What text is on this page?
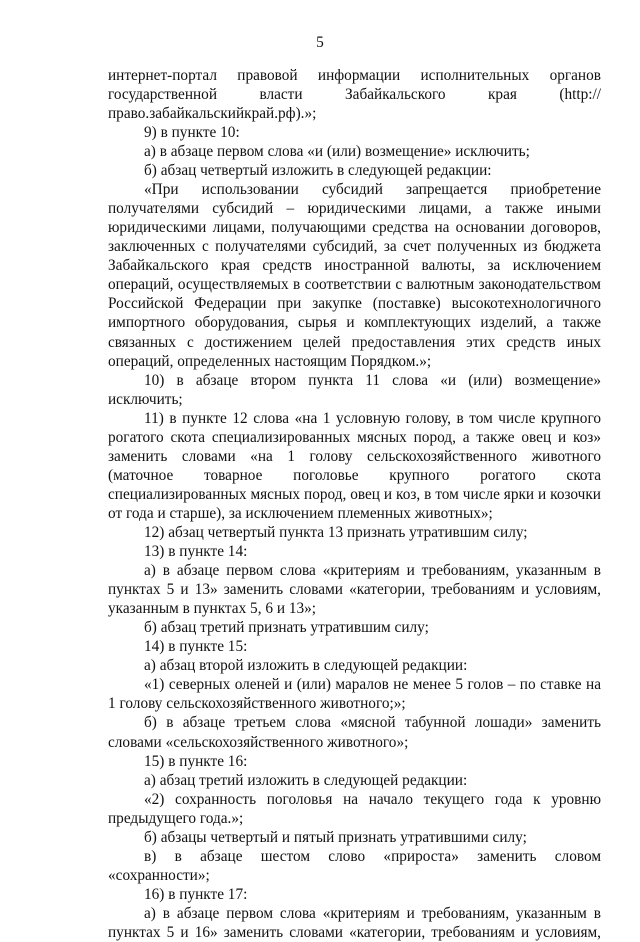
5

интернет-портал правовой информации исполнительных органов государственной власти Забайкальского края (http://право.забайкальскийкрай.рф).»;

9) в пункте 10:

а) в абзаце первом слова «и (или) возмещение» исключить;

б) абзац четвертый изложить в следующей редакции:

«При использовании субсидий запрещается приобретение получателями субсидий – юридическими лицами, а также иными юридическими лицами, получающими средства на основании договоров, заключенных с получателями субсидий, за счет полученных из бюджета Забайкальского края средств иностранной валюты, за исключением операций, осуществляемых в соответствии с валютным законодательством Российской Федерации при закупке (поставке) высокотехнологичного импортного оборудования, сырья и комплектующих изделий, а также связанных с достижением целей предоставления этих средств иных операций, определенных настоящим Порядком.»;

10) в абзаце втором пункта 11 слова «и (или) возмещение» исключить;

11) в пункте 12 слова «на 1 условную голову, в том числе крупного рогатого скота специализированных мясных пород, а также овец и коз» заменить словами «на 1 голову сельскохозяйственного животного (маточное товарное поголовье крупного рогатого скота специализированных мясных пород, овец и коз, в том числе ярки и козочки от года и старше), за исключением племенных животных»;

12) абзац четвертый пункта 13 признать утратившим силу;

13) в пункте 14:

а) в абзаце первом слова «критериям и требованиям, указанным в пунктах 5 и 13» заменить словами «категории, требованиям и условиям, указанным в пунктах 5, 6 и 13»;

б) абзац третий признать утратившим силу;

14) в пункте 15:

а) абзац второй изложить в следующей редакции:

«1) северных оленей и (или) маралов не менее 5 голов – по ставке на 1 голову сельскохозяйственного животного;»;

б) в абзаце третьем слова «мясной табунной лошади» заменить словами «сельскохозяйственного животного»;

15) в пункте 16:

а) абзац третий изложить в следующей редакции:

«2) сохранность поголовья на начало текущего года к уровню предыдущего года.»;

б) абзацы четвертый и пятый признать утратившими силу;

в) в абзаце шестом слово «прироста» заменить словом «сохранности»;

16) в пункте 17:

а) в абзаце первом слова «критериям и требованиям, указанным в пунктах 5 и 16» заменить словами «категории, требованиям и условиям,
